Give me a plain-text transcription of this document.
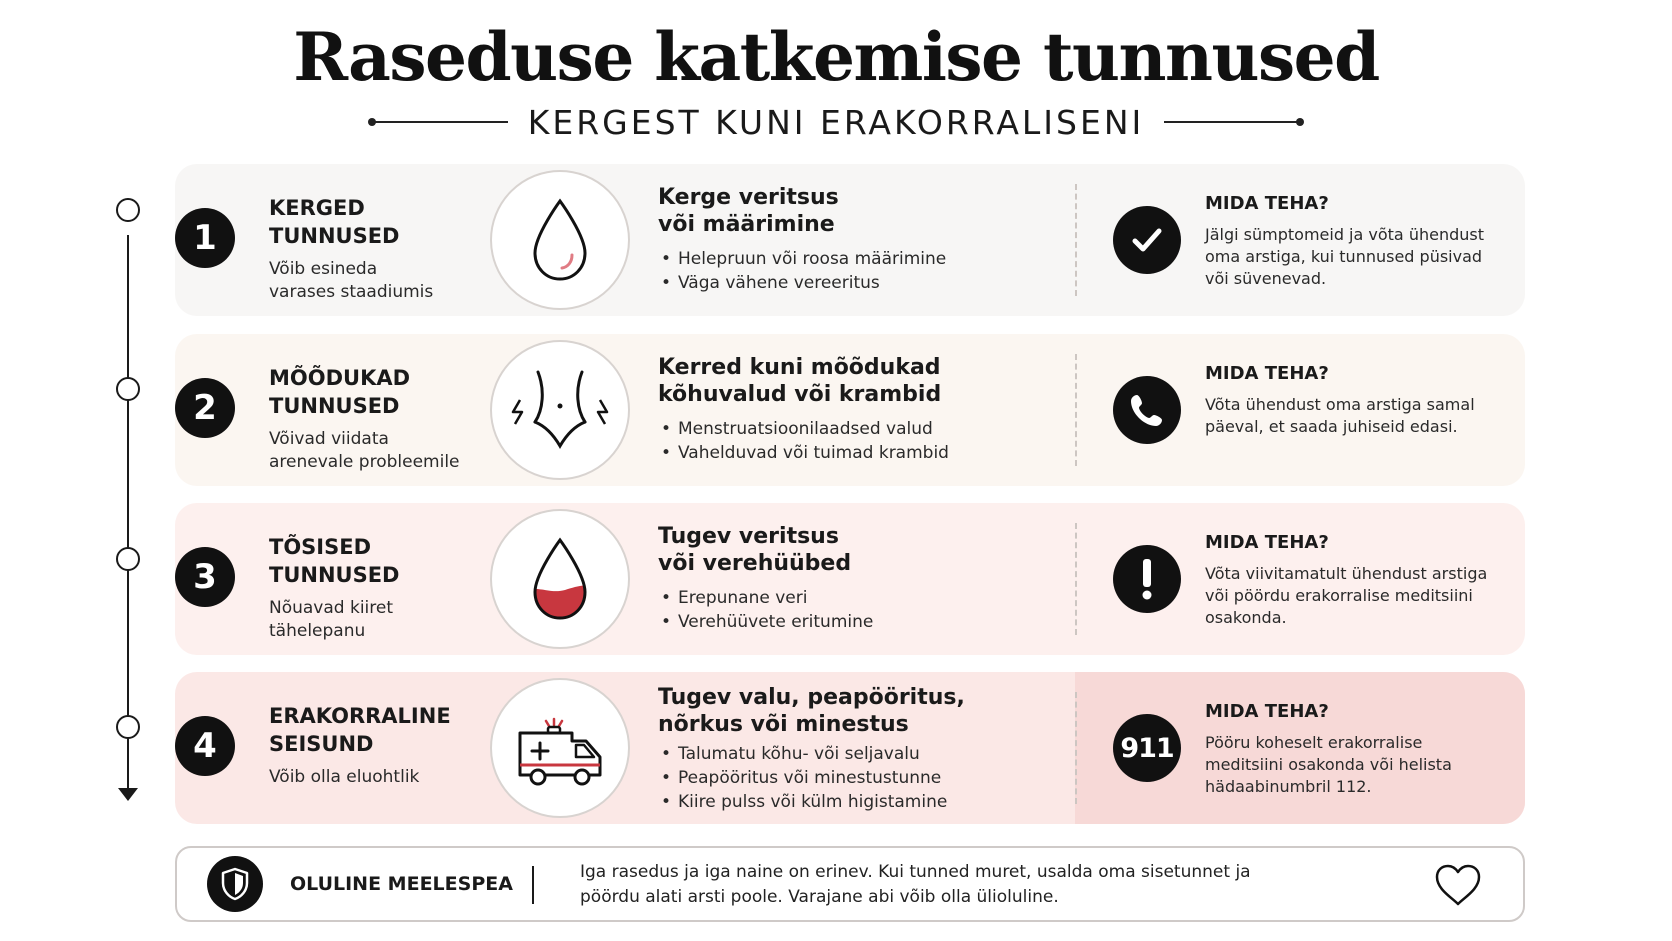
Raseduse katkemise tunnused
KERGEST KUNI ERAKORRALISENI
1
KERGED
TUNNUSED
Võib esineda
varases staadiumis
Kerge veritsus
või määrimine
• Helepruun või roosa määrimine
• Väga vähene vereeritus
MIDA TEHA?
Jälgi sümptomeid ja võta ühendust oma arstiga, kui tunnused püsivad või süvenevad.
2
MÕÕDUKAD
TUNNUSED
Võivad viidata
arenevale probleemile
Kerred kuni mõõdukad
kõhuvalud või krambid
• Menstruatsioonilaadsed valud
• Vahelduvad või tuimad krambid
MIDA TEHA?
Võta ühendust oma arstiga samal päeval, et saada juhiseid edasi.
3
TÕSISED
TUNNUSED
Nõuavad kiiret
tähelepanu
Tugev veritsus
või verehüübed
• Erepunane veri
• Verehüüvete eritumine
MIDA TEHA?
Võta viivitamatult ühendust arstiga või pöördu erakorralise meditsiini osakonda.
4
ERAKORRALINE
SEISUND
Võib olla eluohtlik
Tugev valu, peapööritus,
nõrkus või minestus
• Talumatu kõhu- või seljavalu
• Peapööritus või minestustunne
• Kiire pulss või külm higistamine
911
MIDA TEHA?
Pööru koheselt erakorralise meditsiini osakonda või helista hädaabinumbril 112.
OLULINE MEELESPEA
Iga rasedus ja iga naine on erinev. Kui tunned muret, usalda oma sisetunnet ja pöördu alati arsti poole. Varajane abi võib olla ülioluline.
